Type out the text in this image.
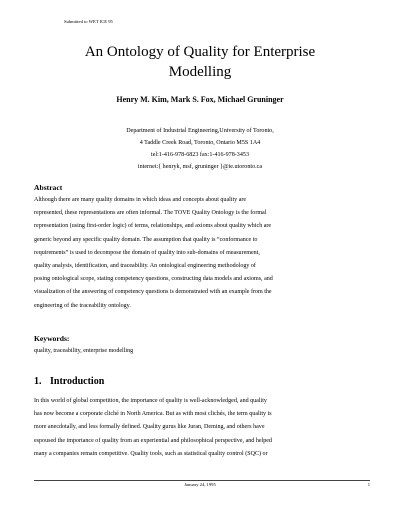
Submitted to WET ICE 95
An Ontology of Quality for Enterprise
Modelling
Henry M. Kim, Mark S. Fox, Michael Gruninger
Department of Industrial Engineering,University of Toronto,
4 Taddle Creek Road, Toronto, Ontario M5S 1A4
tel:1-416-978-6823 fax:1-416-978-3453
internet:{ henryk, msf, gruninger }@ie.utoronto.ca
Abstract
Although there are many quality domains in which ideas and concepts about quality are
represented, these representations are often informal. The TOVE Quality Ontology is the formal
representation (using first-order logic) of terms, relationships, and axioms about quality which are
generic beyond any specific quality domain. The assumption that quality is “conformance to
requirements” is used to decompose the domain of quality into sub-domains of measurement,
quality analysis, identification, and traceability. An ontological engineering methodology of
posing ontological scope, stating competency questions, constructing data models and axioms, and
visualization of the answering of competency questions is demonstrated with an example from the
engineering of the traceability ontology.
Keywords:
quality, traceability, enterprise modelling
1. Introduction
In this world of global competition, the importance of quality is well-acknowledged, and quality
has now become a corporate cliché in North America. But as with most clichés, the term quality is
more anecdotally, and less formally defined. Quality gurus like Juran, Deming, and others have
espoused the importance of quality from an experiential and philosophical perspective, and helped
many a companies remain competitive. Quality tools, such as statistical quality control (SQC) or
January 24, 1995	1
